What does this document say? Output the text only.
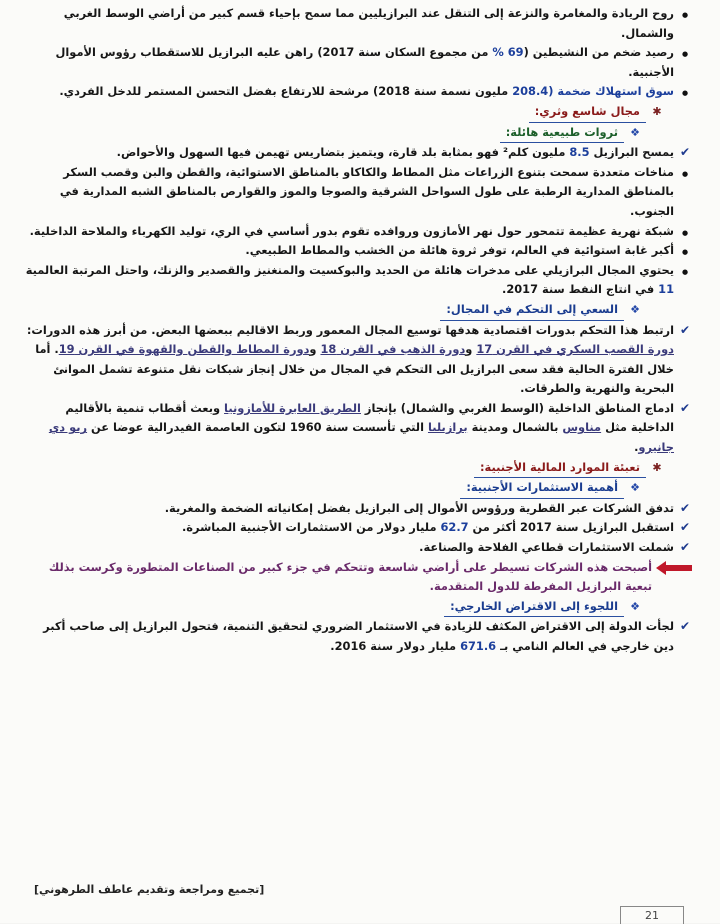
●
روح الريادة والمغامرة والنزعة إلى التنقل عند البرازيليين مما سمح بإحياء قسم كبير من أراضي الوسط الغربي والشمال.

●
رصيد ضخم من النشيطين (69 % من مجموع السكان سنة 2017) راهن عليه البرازيل للاستقطاب رؤوس الأموال الأجنبية.

●
سوق استهلاك ضخمة (208.4 مليون نسمة سنة 2018) مرشحة للارتفاع بفضل التحسن المستمر للدخل الفردي.

✱
مجال شاسع وثري:

❖
ثروات طبيعية هائلة:

✔
يمسح البرازيل 8.5 مليون كلم² فهو بمثابة بلد قارة، ويتميز بتضاريس تهيمن فيها السهول والأحواض.

●
مناخات متعددة سمحت بتنوع الزراعات مثل المطاط والكاكاو بالمناطق الاستوائية، والقطن والبن وقصب السكر بالمناطق المدارية الرطبة على طول السواحل الشرقية والصوجا والموز والقوارص بالمناطق الشبه المدارية في الجنوب.

●
شبكة نهرية عظيمة تتمحور حول نهر الأمازون وروافده تقوم بدور أساسي في الري، توليد الكهرباء والملاحة الداخلية.

●
أكبر غابة استوائية في العالم، توفر ثروة هائلة من الخشب والمطاط الطبيعي.

●
يحتوي المجال البرازيلي على مدخرات هائلة من الحديد والبوكسيت والمنغنيز والقصدير والزنك، واحتل المرتبة العالمية 11 في انتاج النفط سنة 2017.

❖
السعي إلى التحكم في المجال:

✔
ارتبط هذا التحكم بدورات اقتصادية هدفها توسيع المجال المعمور وربط الاقاليم ببعضها البعض. من أبرز هذه الدورات: دورة القصب السكري في القرن 17 ودورة الذهب في القرن 18 ودورة المطاط والقطن والقهوة في القرن 19. أما خلال الفترة الحالية فقد سعى البرازيل الى التحكم في المجال من خلال إنجاز شبكات نقل متنوعة تشمل الموانئ البحرية والنهرية والطرقات.

✔
ادماج المناطق الداخلية (الوسط الغربي والشمال) بإنجاز الطريق العابرة للأمازونيا وبعث أقطاب تنمية بالأقاليم الداخلية مثل مناوس بالشمال ومدينة برازيليا التي تأسست سنة 1960 لتكون العاصمة الفيدرالية عوضا عن ريو دي جانيرو.

✱
تعبئة الموارد المالية الأجنبية:

❖
أهمية الاستثمارات الأجنبية:

✔
تدفق الشركات عبر القطرية ورؤوس الأموال إلى البرازيل بفضل إمكانياته الضخمة والمغرية.

✔
استقبل البرازيل سنة 2017 أكثر من 62.7 مليار دولار من الاستثمارات الأجنبية المباشرة.

✔
شملت الاستثمارات قطاعي الفلاحة والصناعة.

أصبحت هذه الشركات تسيطر على أراضي شاسعة وتتحكم في جزء كبير من الصناعات المتطورة وكرست بذلك تبعية البرازيل المفرطة للدول المتقدمة.

❖
اللجوء إلى الاقتراض الخارجي:

✔
لجأت الدولة إلى الاقتراض المكثف للزيادة في الاستثمار الضروري لتحقيق التنمية، فتحول البرازيل إلى صاحب أكبر دين خارجي في العالم النامي بـ 671.6 مليار دولار سنة 2016.

[تجميع ومراجعة وتقديم عاطف الطرهوني]
21
